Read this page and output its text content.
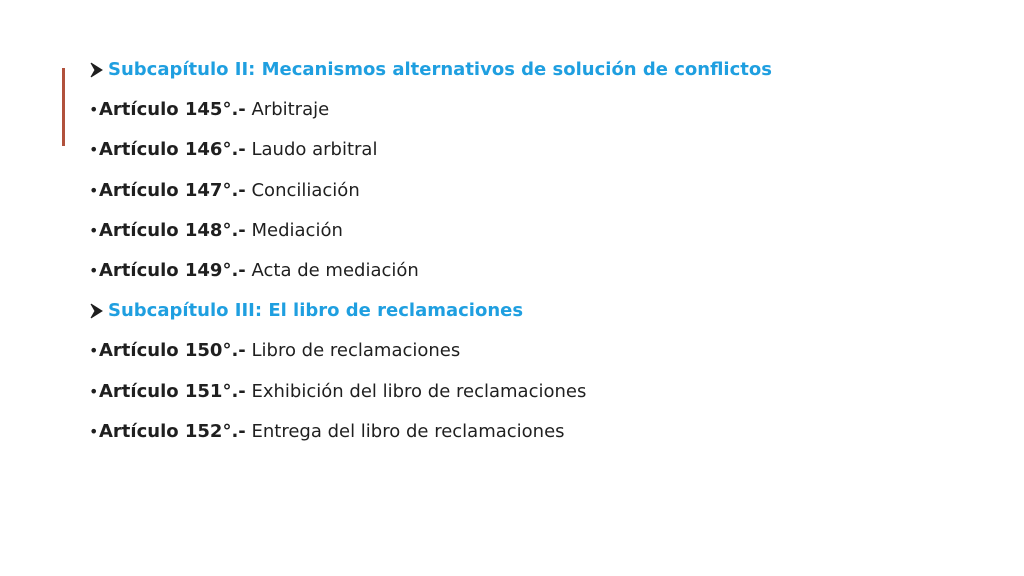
Subcapítulo II: Mecanismos alternativos de solución de conflictos
•Artículo 145°.- Arbitraje
•Artículo 146°.- Laudo arbitral
•Artículo 147°.- Conciliación
•Artículo 148°.- Mediación
•Artículo 149°.- Acta de mediación
Subcapítulo III: El libro de reclamaciones
•Artículo 150°.- Libro de reclamaciones
•Artículo 151°.- Exhibición del libro de reclamaciones
•Artículo 152°.- Entrega del libro de reclamaciones
